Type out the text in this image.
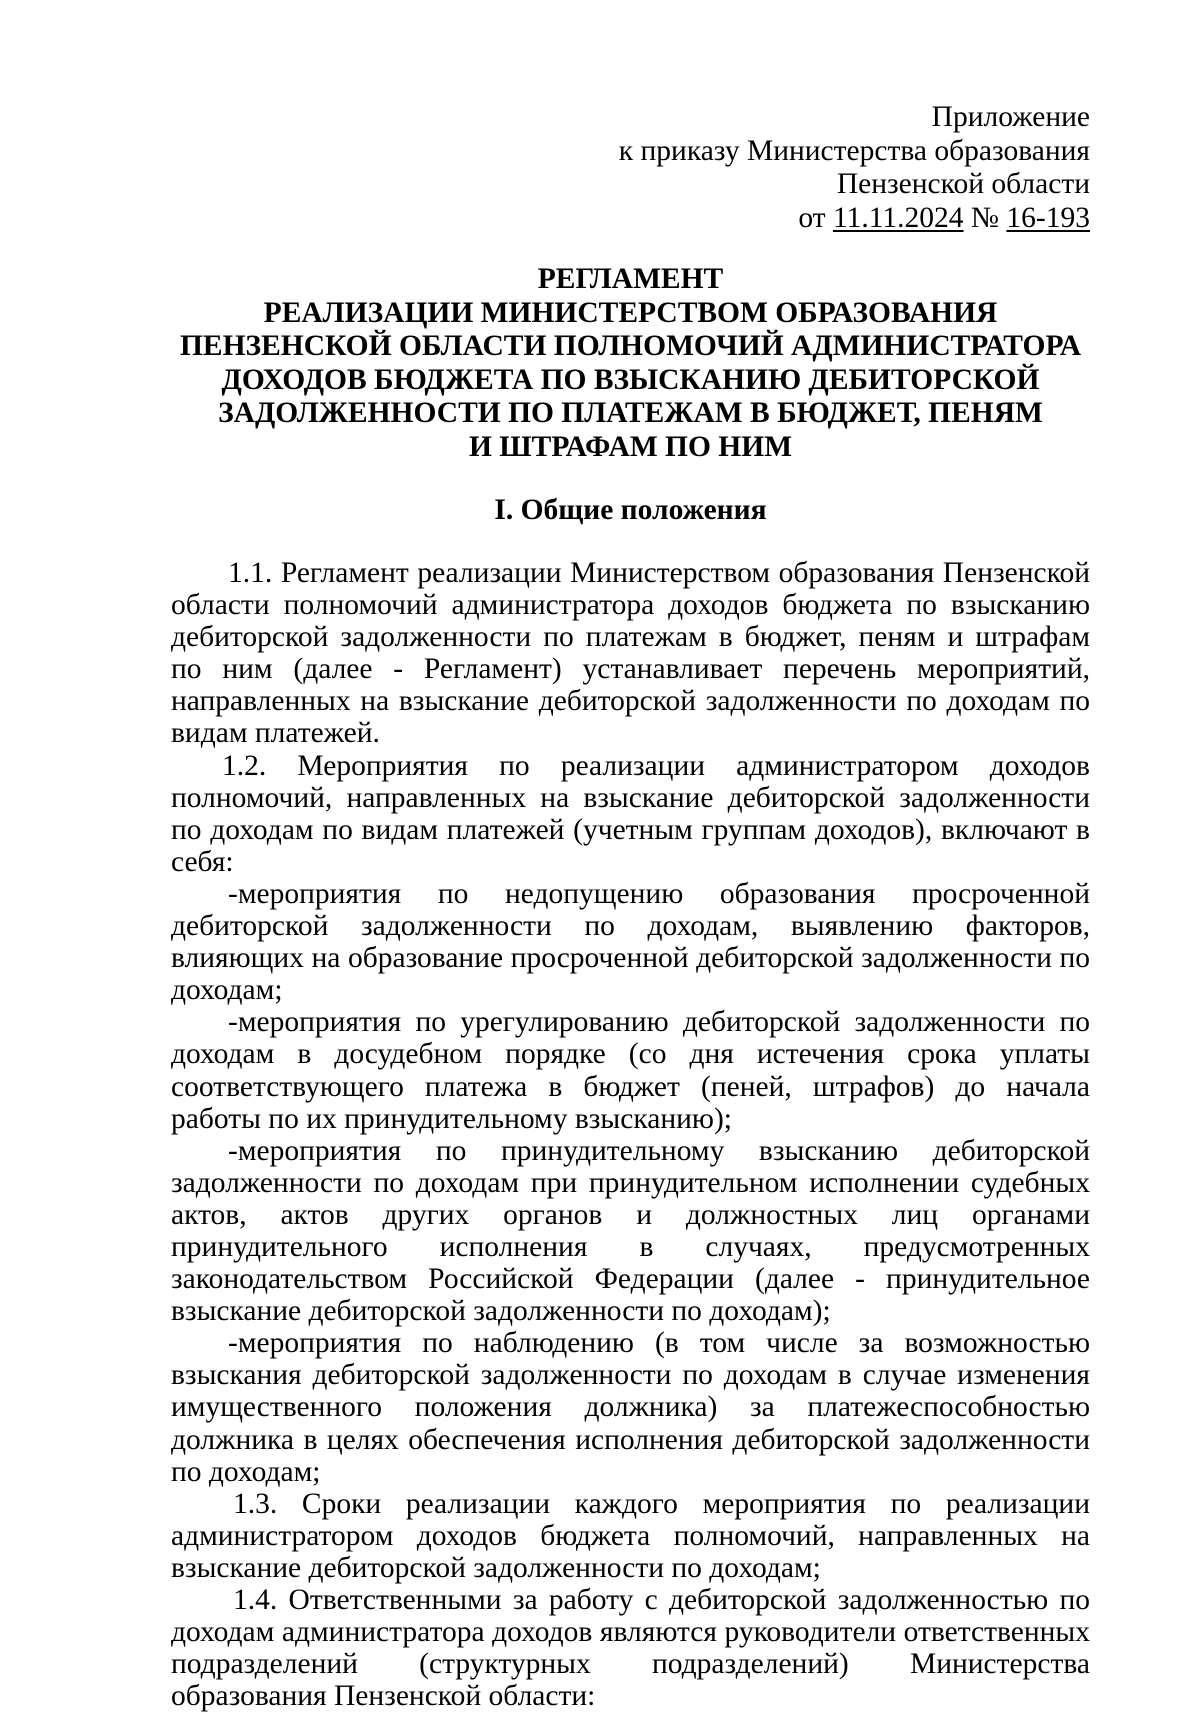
Приложение
к приказу Министерства образования
Пензенской области
от 11.11.2024 № 16-193
РЕГЛАМЕНТ
РЕАЛИЗАЦИИ МИНИСТЕРСТВОМ ОБРАЗОВАНИЯ
ПЕНЗЕНСКОЙ ОБЛАСТИ ПОЛНОМОЧИЙ АДМИНИСТРАТОРА
ДОХОДОВ БЮДЖЕТА ПО ВЗЫСКАНИЮ ДЕБИТОРСКОЙ
ЗАДОЛЖЕННОСТИ ПО ПЛАТЕЖАМ В БЮДЖЕТ, ПЕНЯМ
И ШТРАФАМ ПО НИМ
I. Общие положения

1.1. Регламент реализации Министерством образования Пензенской области полномочий администратора доходов бюджета по взысканию дебиторской задолженности по платежам в бюджет, пеням и штрафам по ним (далее - Регламент) устанавливает перечень мероприятий, направленных на взыскание дебиторской задолженности по доходам по видам платежей.

1.2. Мероприятия по реализации администратором доходов полномочий, направленных на взыскание дебиторской задолженности по доходам по видам платежей (учетным группам доходов), включают в себя:

-мероприятия по недопущению образования просроченной дебиторской задолженности по доходам, выявлению факторов, влияющих на образование просроченной дебиторской задолженности по доходам;

-мероприятия по урегулированию дебиторской задолженности по доходам в досудебном порядке (со дня истечения срока уплаты соответствующего платежа в бюджет (пеней, штрафов) до начала работы по их принудительному взысканию);

-мероприятия по принудительному взысканию дебиторской задолженности по доходам при принудительном исполнении судебных актов, актов других органов и должностных лиц органами принудительного исполнения в случаях, предусмотренных законодательством Российской Федерации (далее - принудительное взыскание дебиторской задолженности по доходам);

-мероприятия по наблюдению (в том числе за возможностью взыскания дебиторской задолженности по доходам в случае изменения имущественного положения должника) за платежеспособностью должника в целях обеспечения исполнения дебиторской задолженности по доходам;

1.3. Сроки реализации каждого мероприятия по реализации администратором доходов бюджета полномочий, направленных на взыскание дебиторской задолженности по доходам;

1.4. Ответственными за работу с дебиторской задолженностью по доходам администратора доходов являются руководители ответственных подразделений (структурных подразделений) Министерства образования Пензенской области:
